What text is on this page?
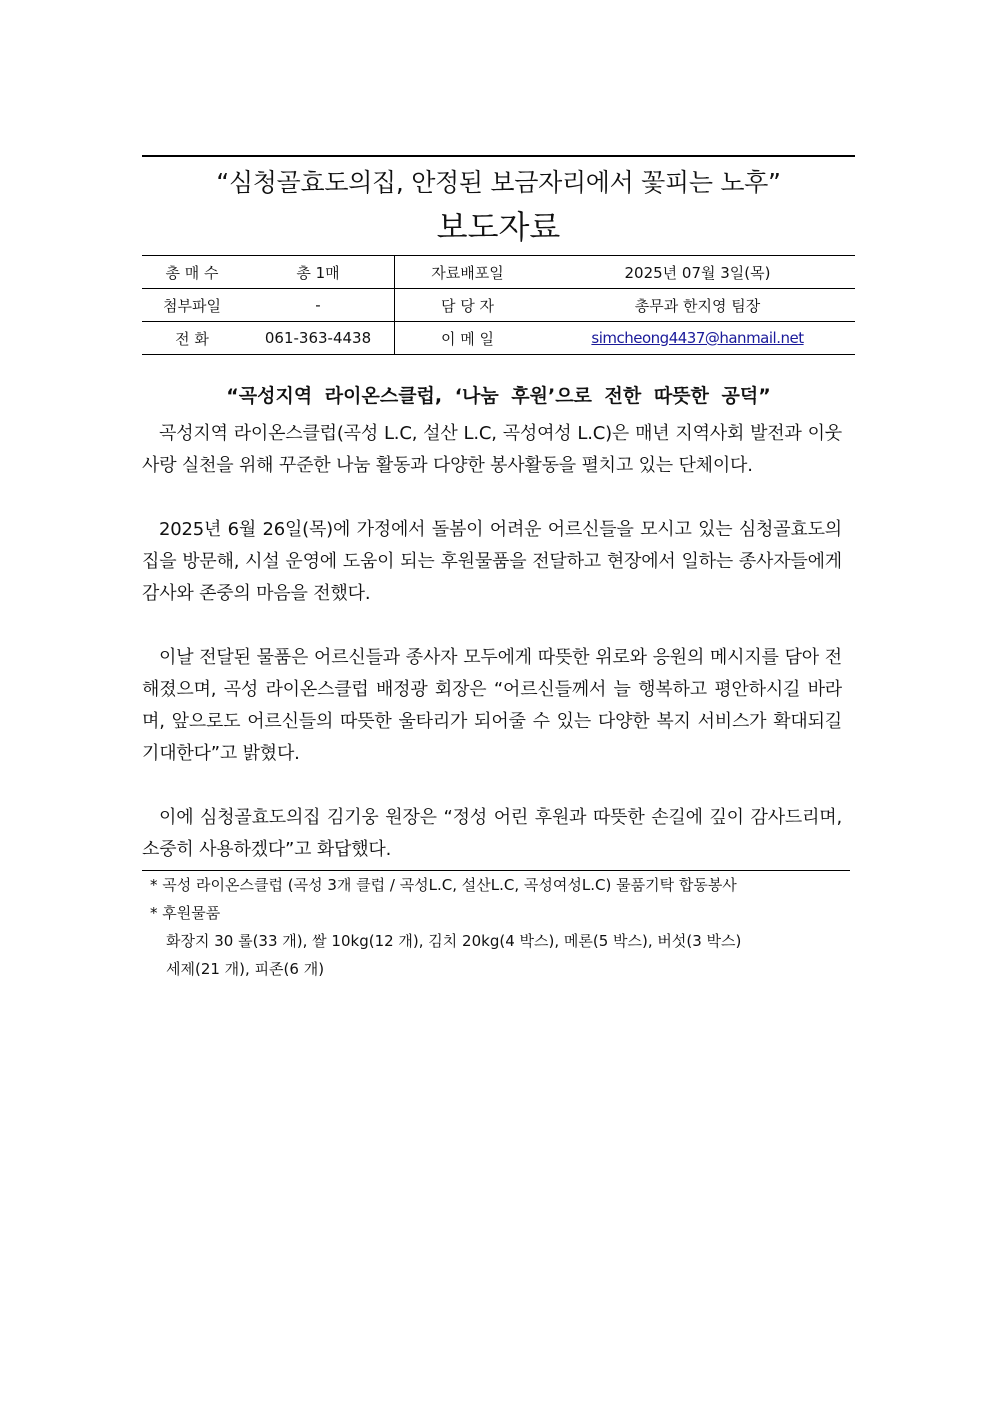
“심청골효도의집, 안정된 보금자리에서 꽃피는 노후”
보도자료
총 매 수	총 1매	자료배포일	2025년 07월 3일(목)
첨부파일	-	담 당 자	총무과 한지영 팀장
전 화	061-363-4438	이 메 일	simcheong4437@hanmail.net
“곡성지역 라이온스클럽, ‘나눔 후원’으로 전한 따뜻한 공덕”

곡성지역 라이온스클럽(곡성 L.C, 설산 L.C, 곡성여성 L.C)은 매년 지역사회 발전과 이웃사랑 실천을 위해 꾸준한 나눔 활동과 다양한 봉사활동을 펼치고 있는 단체이다.

2025년 6월 26일(목)에 가정에서 돌봄이 어려운 어르신들을 모시고 있는 심청골효도의집을 방문해, 시설 운영에 도움이 되는 후원물품을 전달하고 현장에서 일하는 종사자들에게 감사와 존중의 마음을 전했다.

이날 전달된 물품은 어르신들과 종사자 모두에게 따뜻한 위로와 응원의 메시지를 담아 전해졌으며, 곡성 라이온스클럽 배정광 회장은 “어르신들께서 늘 행복하고 평안하시길 바라며, 앞으로도 어르신들의 따뜻한 울타리가 되어줄 수 있는 다양한 복지 서비스가 확대되길 기대한다”고 밝혔다.

이에 심청골효도의집 김기웅 원장은 “정성 어린 후원과 따뜻한 손길에 깊이 감사드리며, 소중히 사용하겠다”고 화답했다.

* 곡성 라이온스클럽 (곡성 3개 클럽 / 곡성L.C, 설산L.C, 곡성여성L.C) 물품기탁 합동봉사
* 후원물품
화장지 30 롤(33 개), 쌀 10kg(12 개), 김치 20kg(4 박스), 메론(5 박스), 버섯(3 박스)
세제(21 개), 피존(6 개)
